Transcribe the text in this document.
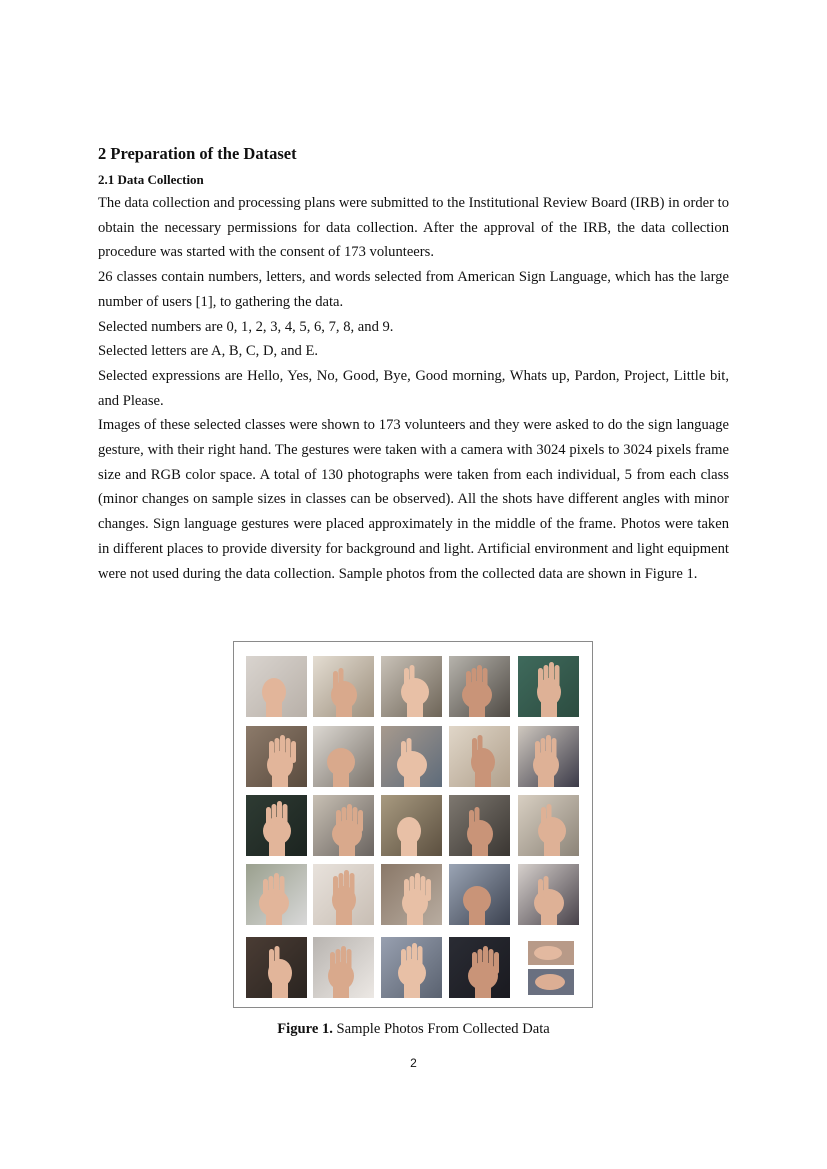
2 Preparation of the Dataset
2.1 Data Collection

The data collection and processing plans were submitted to the Institutional Review Board (IRB) in order to obtain the necessary permissions for data collection. After the approval of the IRB, the data collection procedure was started with the consent of 173 volunteers.

26 classes contain numbers, letters, and words selected from American Sign Language, which has the large number of users [1], to gathering the data.

Selected numbers are 0, 1, 2, 3, 4, 5, 6, 7, 8, and 9.

Selected letters are A, B, C, D, and E.

Selected expressions are Hello, Yes, No, Good, Bye, Good morning, Whats up, Pardon, Project, Little bit, and Please.

Images of these selected classes were shown to 173 volunteers and they were asked to do the sign language gesture, with their right hand. The gestures were taken with a camera with 3024 pixels to 3024 pixels frame size and RGB color space. A total of 130 photographs were taken from each individual, 5 from each class (minor changes on sample sizes in classes can be observed). All the shots have different angles with minor changes. Sign language gestures were placed approximately in the middle of the frame. Photos were taken in different places to provide diversity for background and light. Artificial environment and light equipment were not used during the data collection. Sample photos from the collected data are shown in Figure 1.

Figure 1. Sample Photos From Collected Data
2
